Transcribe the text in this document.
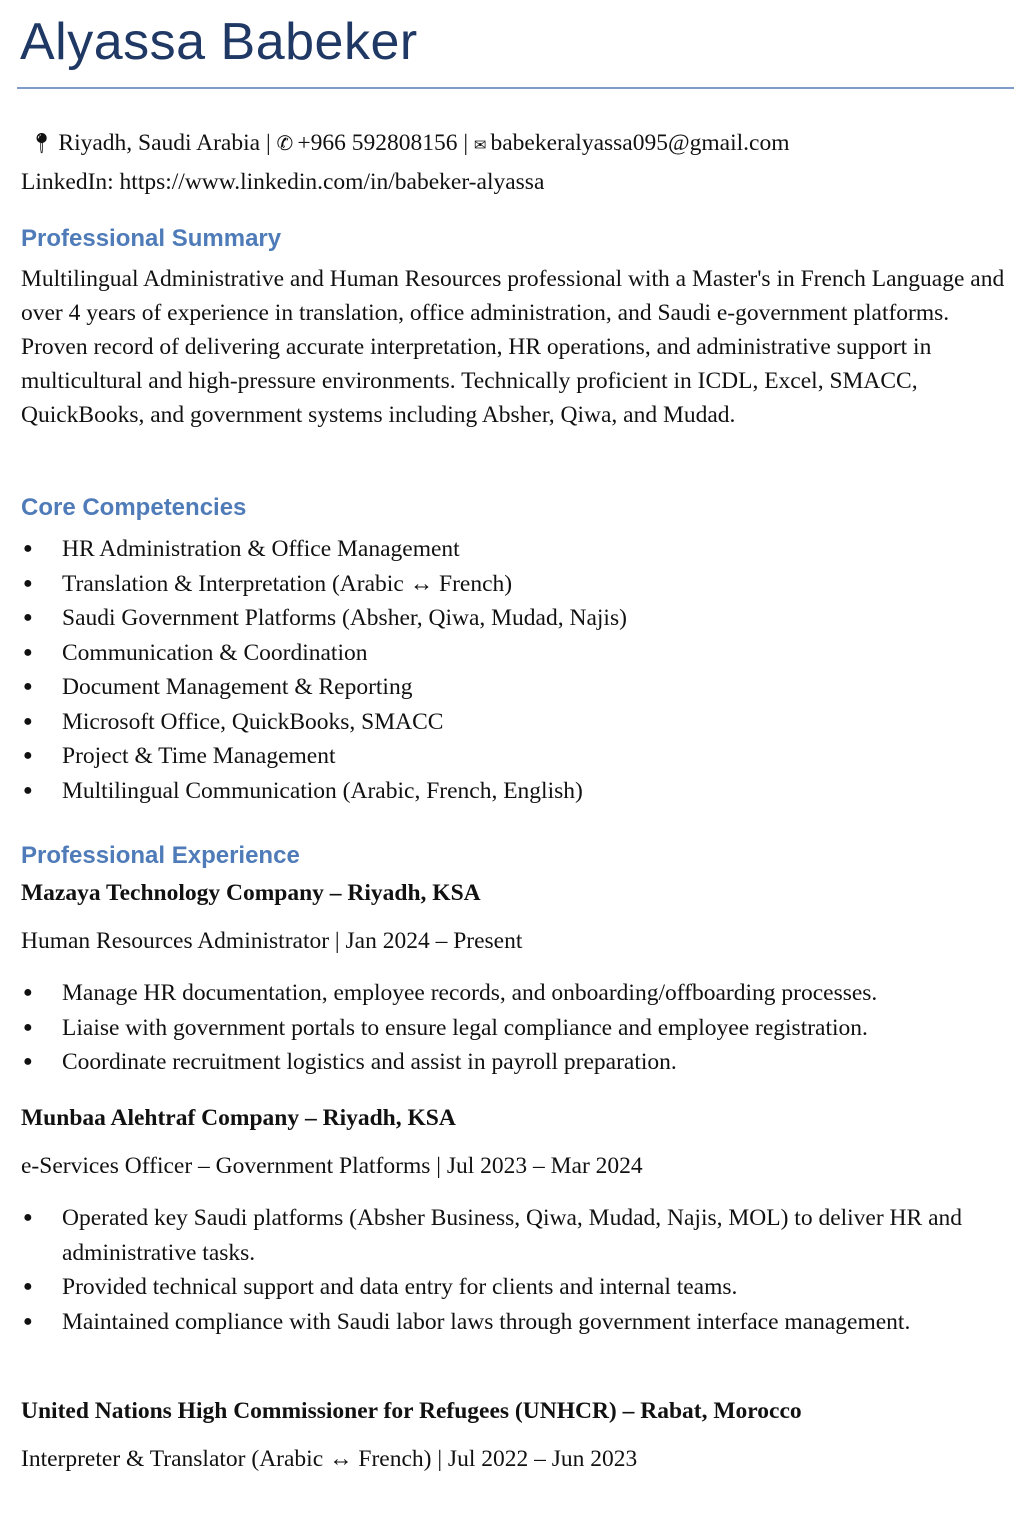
Alyassa Babeker
📍︎ Riyadh, Saudi Arabia | ✆ +966 592808156 | ✉ babekeralyassa095@gmail.com
LinkedIn: https://www.linkedin.com/in/babeker-alyassa
Professional Summary
Multilingual Administrative and Human Resources professional with a Master's in French Language and over 4 years of experience in translation, office administration, and Saudi e-government platforms. Proven record of delivering accurate interpretation, HR operations, and administrative support in multicultural and high-pressure environments. Technically proficient in ICDL, Excel, SMACC, QuickBooks, and government systems including Absher, Qiwa, and Mudad.
Core Competencies
● HR Administration & Office Management
● Translation & Interpretation (Arabic ↔ French)
● Saudi Government Platforms (Absher, Qiwa, Mudad, Najis)
● Communication & Coordination
● Document Management & Reporting
● Microsoft Office, QuickBooks, SMACC
● Project & Time Management
● Multilingual Communication (Arabic, French, English)
Professional Experience
Mazaya Technology Company – Riyadh, KSA
Human Resources Administrator | Jan 2024 – Present
● Manage HR documentation, employee records, and onboarding/offboarding processes.
● Liaise with government portals to ensure legal compliance and employee registration.
● Coordinate recruitment logistics and assist in payroll preparation.
Munbaa Alehtraf Company – Riyadh, KSA
e-Services Officer – Government Platforms | Jul 2023 – Mar 2024
● Operated key Saudi platforms (Absher Business, Qiwa, Mudad, Najis, MOL) to deliver HR and administrative tasks.
● Provided technical support and data entry for clients and internal teams.
● Maintained compliance with Saudi labor laws through government interface management.
United Nations High Commissioner for Refugees (UNHCR) – Rabat, Morocco
Interpreter & Translator (Arabic ↔ French) | Jul 2022 – Jun 2023
